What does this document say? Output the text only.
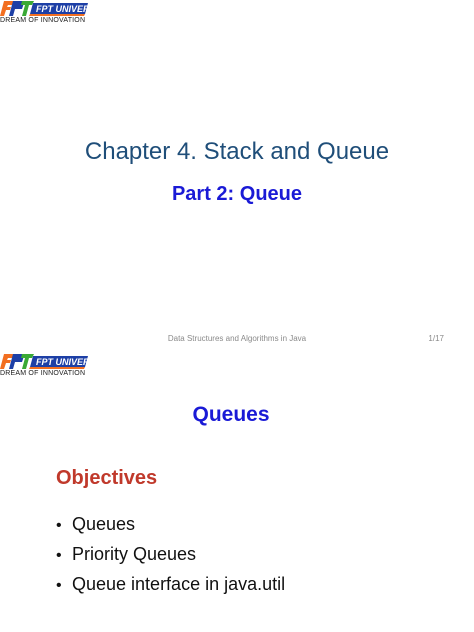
FPT UNIVERSITY
DREAM OF INNOVATION
Chapter 4. Stack and Queue
Part 2: Queue
Data Structures and Algorithms in Java	1/17
FPT UNIVERSITY
DREAM OF INNOVATION
Queues
Objectives
• Queues
• Priority Queues
• Queue interface in java.util
